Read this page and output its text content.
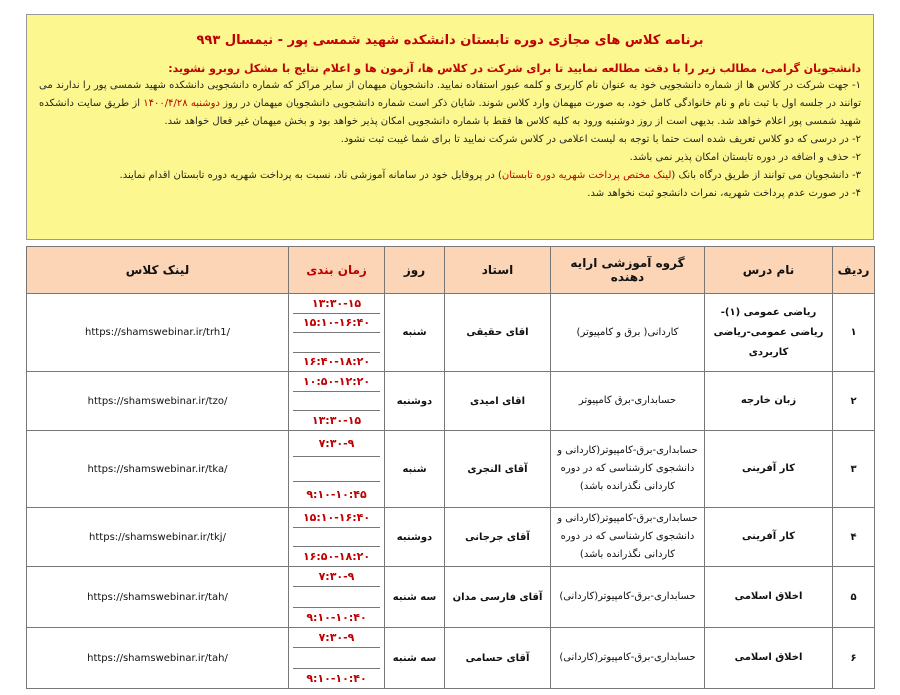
برنامه کلاس های مجازی دوره تابستان دانشکده شهید شمسی پور - نیمسال ۹۹۳
دانشجویان گرامی، مطالب زیر را با دقت مطالعه نمایید تا برای شرکت در کلاس ها، آزمون ها و اعلام نتایج با مشکل روبرو نشوید:

۱- جهت شرکت در کلاس ها از شماره دانشجویی خود به عنوان نام کاربری و کلمه عبور استفاده نمایید. دانشجویان میهمان از سایر مراکز که شماره دانشجویی دانشکده شهید شمسی پور را ندارند می توانند در جلسه اول با ثبت نام و نام خانوادگی کامل خود، به صورت میهمان وارد کلاس شوند. شایان ذکر است شماره دانشجویی دانشجویان میهمان در روز دوشنبه ۱۴۰۰/۴/۲۸ از طریق سایت دانشکده شهید شمسی پور اعلام خواهد شد. بدیهی است از روز دوشنبه ورود به کلیه کلاس ها فقط با شماره دانشجویی امکان پذیر خواهد بود و بخش میهمان غیر فعال خواهد شد.

۲- در درسی که دو کلاس تعریف شده است حتما با توجه به لیست اعلامی در کلاس شرکت نمایید تا برای شما غیبت ثبت نشود.

۲- حذف و اضافه در دوره تابستان امکان پذیر نمی باشد.

۳- دانشجویان می توانند از طریق درگاه بانک (لینک مختص پرداخت شهریه دوره تابستان) در پروفایل خود در سامانه آموزشی ناد، نسبت به پرداخت شهریه دوره تابستان اقدام نمایند.

۴- در صورت عدم پرداخت شهریه، نمرات دانشجو ثبت نخواهد شد.

ردیف	نام درس	گروه آموزشی ارایه دهنده	استاد	روز	زمان بندی	لینک کلاس
۱	ریاضی عمومی (۱)-ریاضی عمومی-ریاضی کاربردی	کاردانی( برق و کامپیوتر)	اقای حقیقی	شنبه	۱۳:۳۰-۱۵
۱۵:۱۰-۱۶:۴۰
۱۶:۴۰-۱۸:۲۰	https://shamswebinar.ir/trh1/
۲	زبان خارجه	حسابداری-برق کامپیوتر	اقای امیدی	دوشنبه	۱۰:۵۰-۱۲:۲۰
۱۳:۳۰-۱۵	https://shamswebinar.ir/tzo/
۳	کار آفرینی	حسابداری-برق-کامپیوتر(کاردانی و دانشجوی کارشناسی که در دوره کاردانی نگذرانده باشد)	آقای النجری	شنبه	۷:۳۰-۹
۹:۱۰-۱۰:۴۵	https://shamswebinar.ir/tka/
۴	کار آفرینی	حسابداری-برق-کامپیوتر(کاردانی و دانشجوی کارشناسی که در دوره کاردانی نگذرانده باشد)	آقای جرجانی	دوشنبه	۱۵:۱۰-۱۶:۴۰
۱۶:۵۰-۱۸:۲۰	https://shamswebinar.ir/tkj/
۵	اخلاق اسلامی	حسابداری-برق-کامپیوتر(کاردانی)	آقای فارسی مدان	سه شنبه	۷:۳۰-۹
۹:۱۰-۱۰:۴۰	https://shamswebinar.ir/tah/
۶	اخلاق اسلامی	حسابداری-برق-کامپیوتر(کاردانی)	آقای حسامی	سه شنبه	۷:۳۰-۹
۹:۱۰-۱۰:۴۰	https://shamswebinar.ir/tah/
